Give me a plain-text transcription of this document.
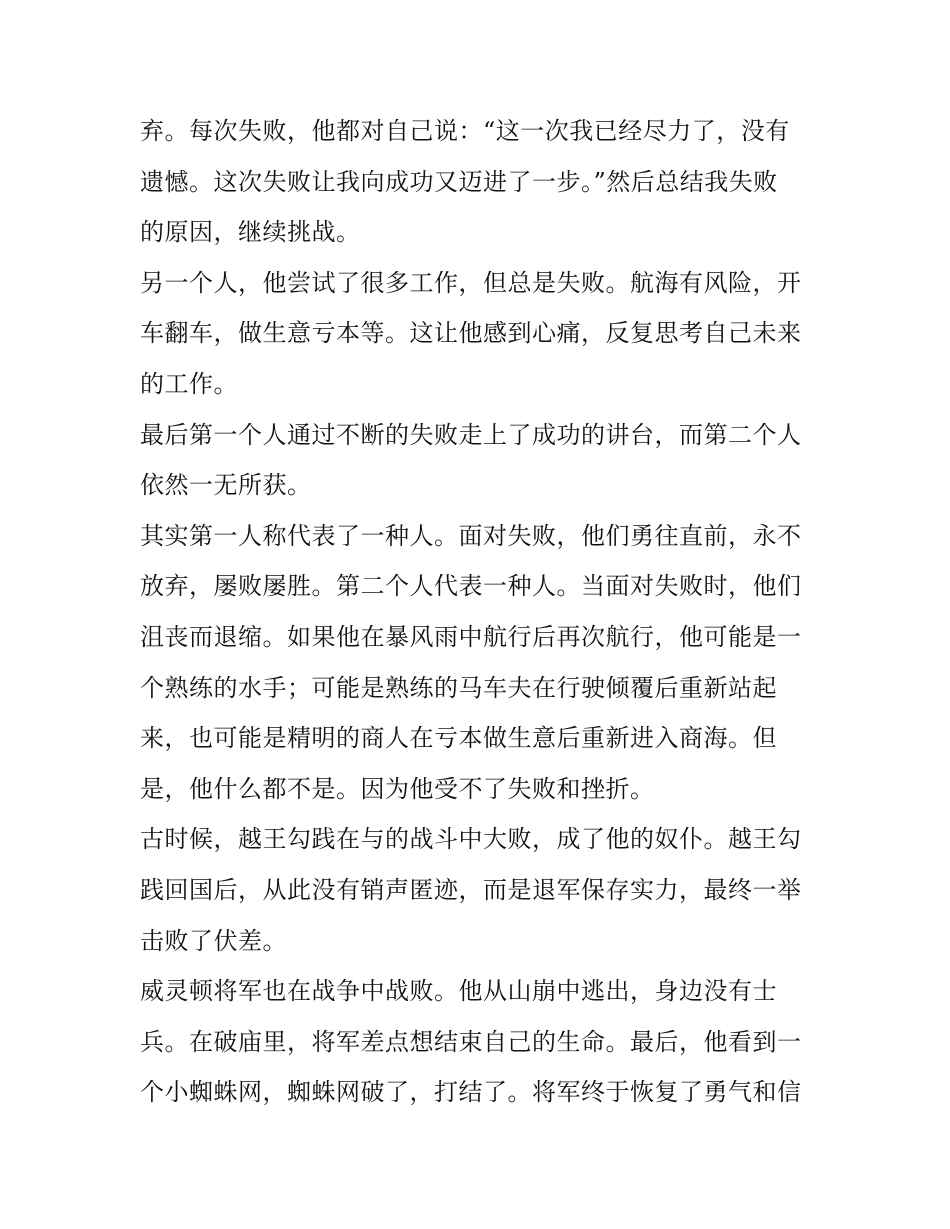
弃。每次失败，他都对自己说：“这一次我已经尽力了，没有
遗憾。这次失败让我向成功又迈进了一步。”然后总结我失败
的原因，继续挑战。
另一个人，他尝试了很多工作，但总是失败。航海有风险，开
车翻车，做生意亏本等。这让他感到心痛，反复思考自己未来
的工作。
最后第一个人通过不断的失败走上了成功的讲台，而第二个人
依然一无所获。
其实第一人称代表了一种人。面对失败，他们勇往直前，永不
放弃，屡败屡胜。第二个人代表一种人。当面对失败时，他们
沮丧而退缩。如果他在暴风雨中航行后再次航行，他可能是一
个熟练的水手；可能是熟练的马车夫在行驶倾覆后重新站起
来，也可能是精明的商人在亏本做生意后重新进入商海。但
是，他什么都不是。因为他受不了失败和挫折。
古时候，越王勾践在与的战斗中大败，成了他的奴仆。越王勾
践回国后，从此没有销声匿迹，而是退军保存实力，最终一举
击败了伏差。
威灵顿将军也在战争中战败。他从山崩中逃出，身边没有士
兵。在破庙里，将军差点想结束自己的生命。最后，他看到一
个小蜘蛛网，蜘蛛网破了，打结了。将军终于恢复了勇气和信
